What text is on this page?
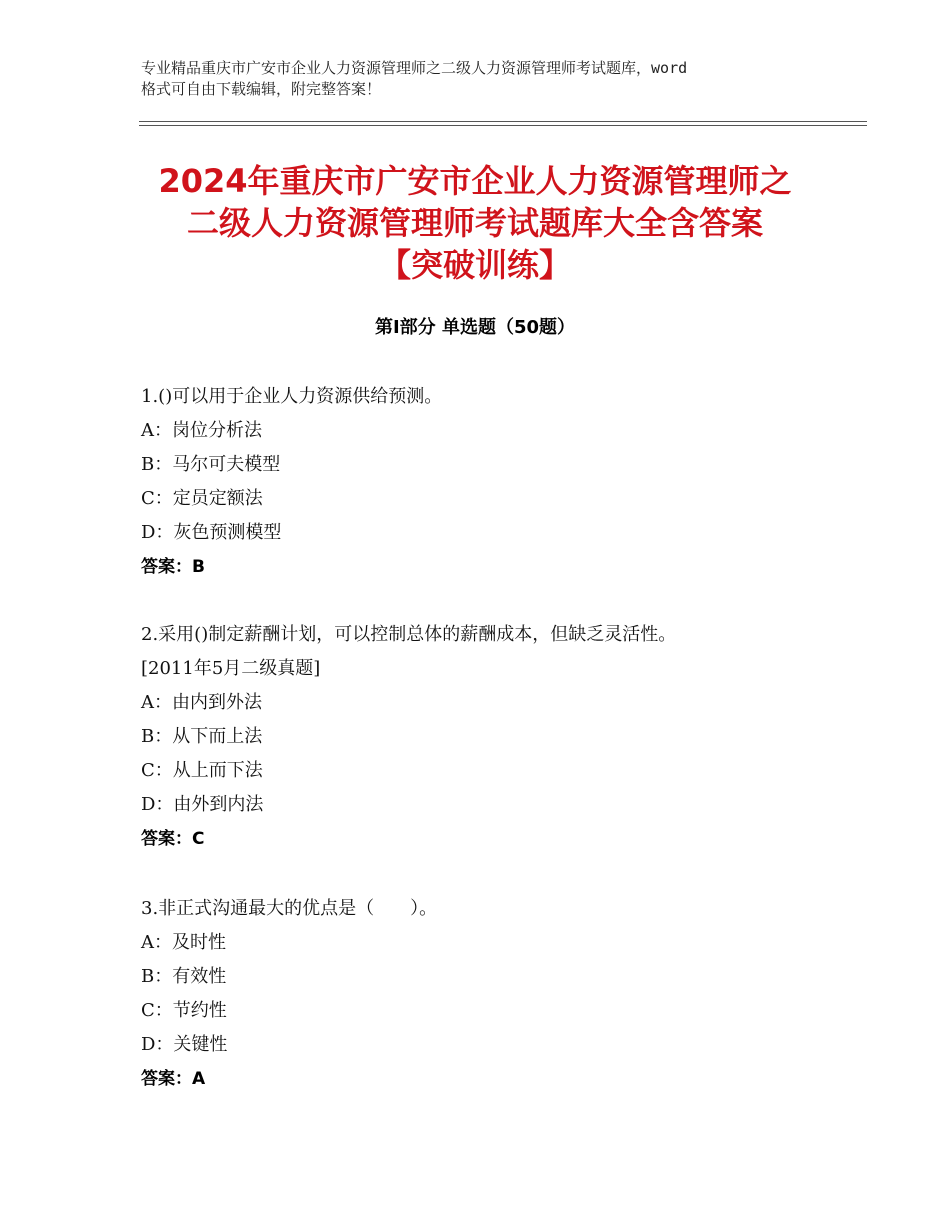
专业精品重庆市广安市企业人力资源管理师之二级人力资源管理师考试题库，word
格式可自由下载编辑，附完整答案！
2024年重庆市广安市企业人力资源管理师之
二级人力资源管理师考试题库大全含答案
【突破训练】
第Ⅰ部分 单选题（50题）
1.()可以用于企业人力资源供给预测。
A：岗位分析法
B：马尔可夫模型
C：定员定额法
D：灰色预测模型
答案：B
2.采用()制定薪酬计划，可以控制总体的薪酬成本，但缺乏灵活性。
[2011年5月二级真题]
A：由内到外法
B：从下而上法
C：从上而下法
D：由外到内法
答案：C
3.非正式沟通最大的优点是（　　）。
A：及时性
B：有效性
C：节约性
D：关键性
答案：A
